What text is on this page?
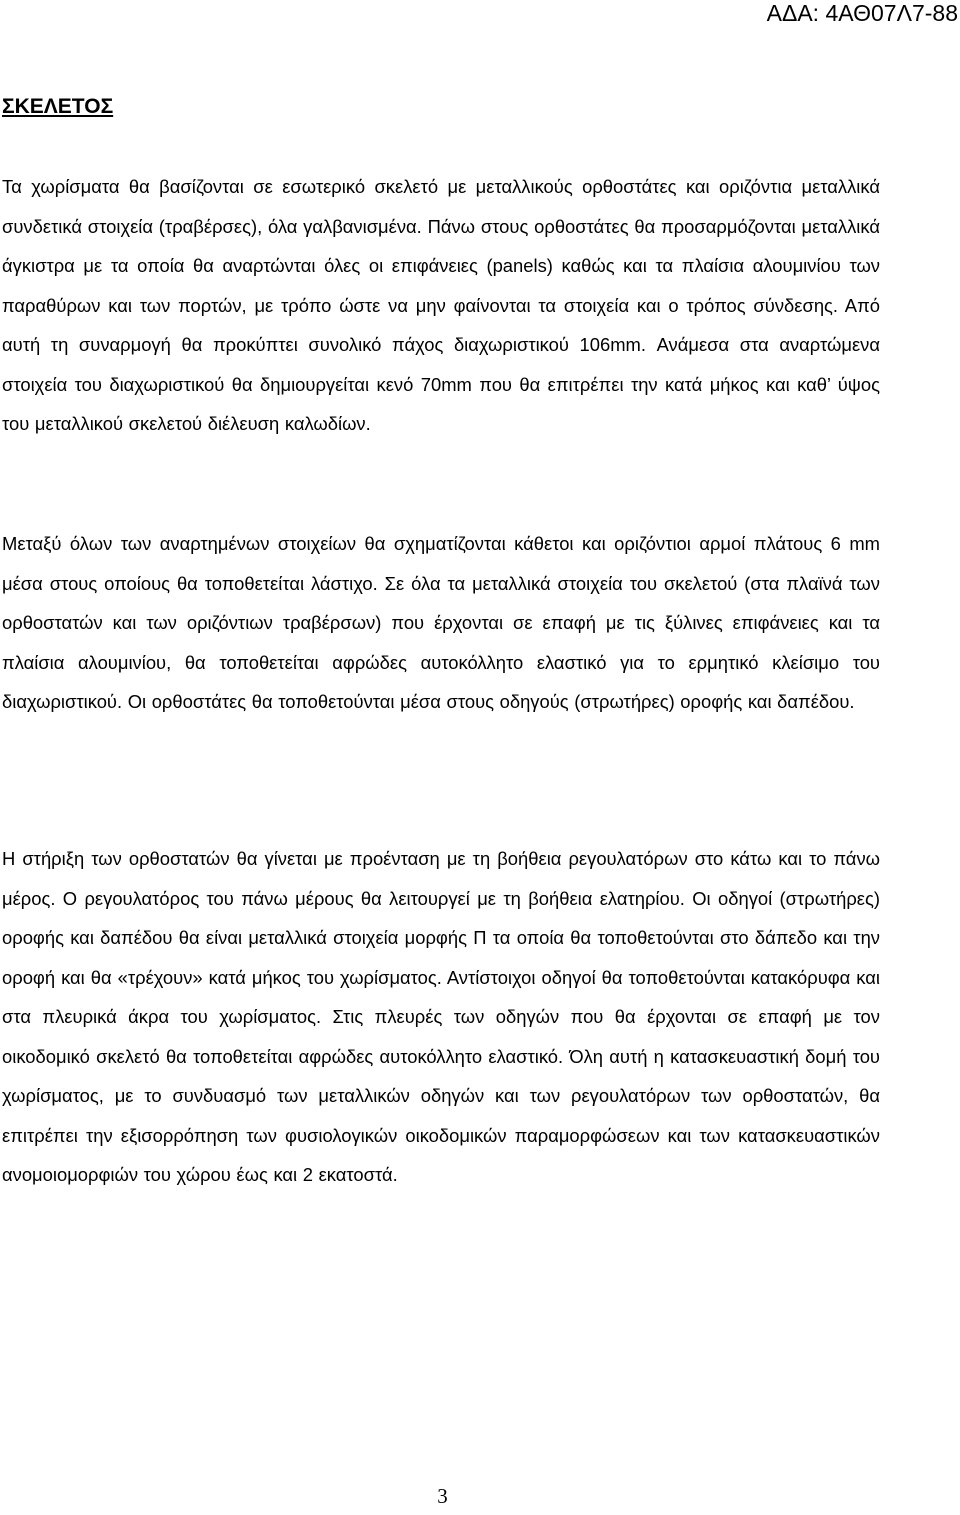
ΑΔΑ: 4ΑΘ07Λ7-88
ΣΚΕΛΕΤΟΣ

Τα χωρίσματα θα βασίζονται σε εσωτερικό σκελετό με μεταλλικούς ορθοστάτες και οριζόντια μεταλλικά συνδετικά στοιχεία (τραβέρσες), όλα γαλβανισμένα. Πάνω στους ορθοστάτες θα προσαρμόζονται μεταλλικά άγκιστρα με τα οποία θα αναρτώνται όλες οι επιφάνειες (panels) καθώς και τα πλαίσια αλουμινίου των παραθύρων και των πορτών, με τρόπο ώστε να μην φαίνονται τα στοιχεία και ο τρόπος σύνδεσης. Από αυτή τη συναρμογή θα προκύπτει συνολικό πάχος διαχωριστικού 106mm. Ανάμεσα στα αναρτώμενα στοιχεία του διαχωριστικού θα δημιουργείται κενό 70mm που θα επιτρέπει την κατά μήκος και καθ’ ύψος του μεταλλικού σκελετού διέλευση καλωδίων.

Μεταξύ όλων των αναρτημένων στοιχείων θα σχηματίζονται κάθετοι και οριζόντιοι αρμοί πλάτους 6 mm μέσα στους οποίους θα τοποθετείται λάστιχο. Σε όλα τα μεταλλικά στοιχεία του σκελετού (στα πλαϊνά των ορθοστατών και των οριζόντιων τραβέρσων) που έρχονται σε επαφή με τις ξύλινες επιφάνειες και τα πλαίσια αλουμινίου, θα τοποθετείται αφρώδες αυτοκόλλητο ελαστικό για το ερμητικό κλείσιμο του διαχωριστικού. Οι ορθοστάτες θα τοποθετούνται μέσα στους οδηγούς (στρωτήρες) οροφής και δαπέδου.

Η στήριξη των ορθοστατών θα γίνεται με προένταση με τη βοήθεια ρεγουλατόρων στο κάτω και το πάνω μέρος. Ο ρεγουλατόρος του πάνω μέρους θα λειτουργεί με τη βοήθεια ελατηρίου. Οι οδηγοί (στρωτήρες) οροφής και δαπέδου θα είναι μεταλλικά στοιχεία μορφής Π τα οποία θα τοποθετούνται στο δάπεδο και την οροφή και θα «τρέχουν» κατά μήκος του χωρίσματος. Αντίστοιχοι οδηγοί θα τοποθετούνται κατακόρυφα και στα πλευρικά άκρα του χωρίσματος. Στις πλευρές των οδηγών που θα έρχονται σε επαφή με τον οικοδομικό σκελετό θα τοποθετείται αφρώδες αυτοκόλλητο ελαστικό. Όλη αυτή η κατασκευαστική δομή του χωρίσματος, με το συνδυασμό των μεταλλικών οδηγών και των ρεγουλατόρων των ορθοστατών, θα επιτρέπει την εξισορρόπηση των φυσιολογικών οικοδομικών παραμορφώσεων και των κατασκευαστικών ανομοιομορφιών του χώρου έως και 2 εκατοστά.

3
